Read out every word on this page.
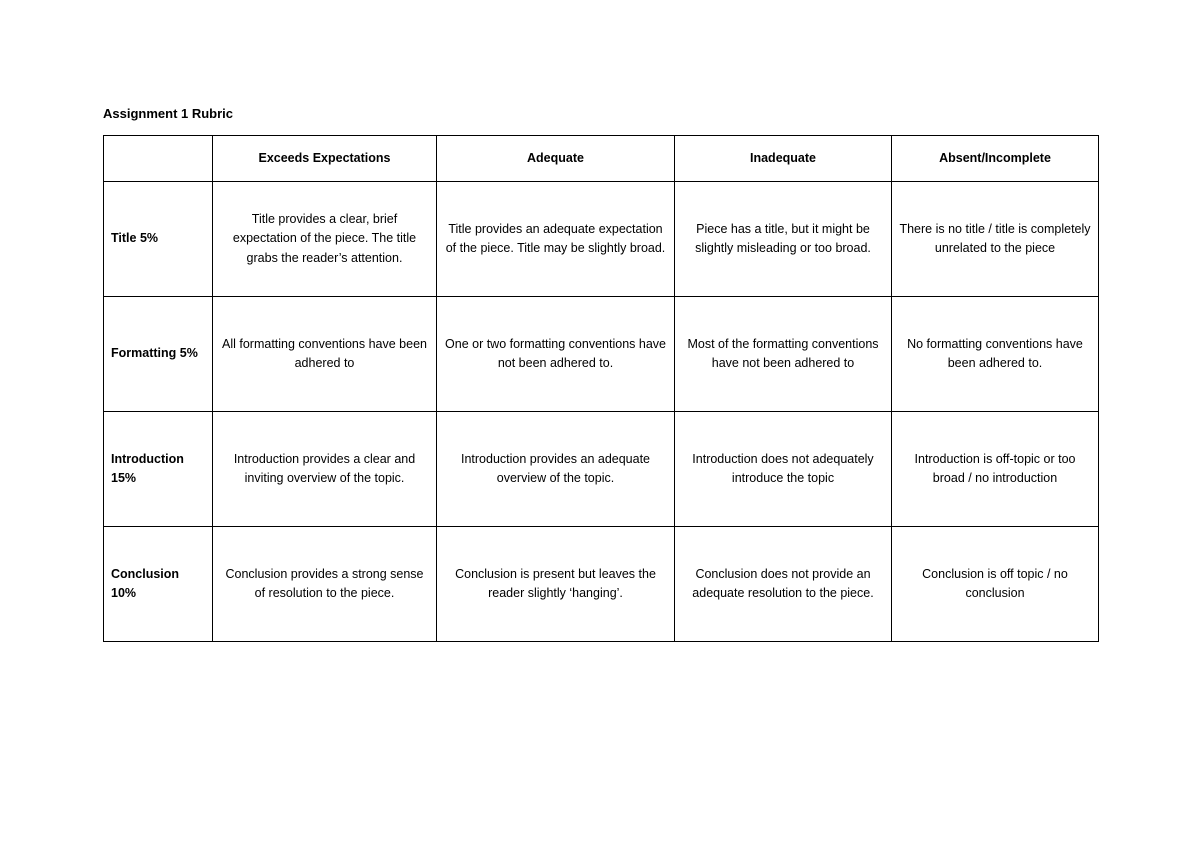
Assignment 1 Rubric
	Exceeds Expectations	Adequate	Inadequate	Absent/Incomplete
Title 5%	Title provides a clear, brief expectation of the piece. The title grabs the reader’s attention.	Title provides an adequate expectation of the piece. Title may be slightly broad.	Piece has a title, but it might be slightly misleading or too broad.	There is no title / title is completely unrelated to the piece
Formatting 5%	All formatting conventions have been adhered to	One or two formatting conventions have not been adhered to.	Most of the formatting conventions have not been adhered to	No formatting conventions have been adhered to.
Introduction 15%	Introduction provides a clear and inviting overview of the topic.	Introduction provides an adequate overview of the topic.	Introduction does not adequately introduce the topic	Introduction is off-topic or too broad / no introduction
Conclusion 10%	Conclusion provides a strong sense of resolution to the piece.	Conclusion is present but leaves the reader slightly ‘hanging’.	Conclusion does not provide an adequate resolution to the piece.	Conclusion is off topic / no conclusion
